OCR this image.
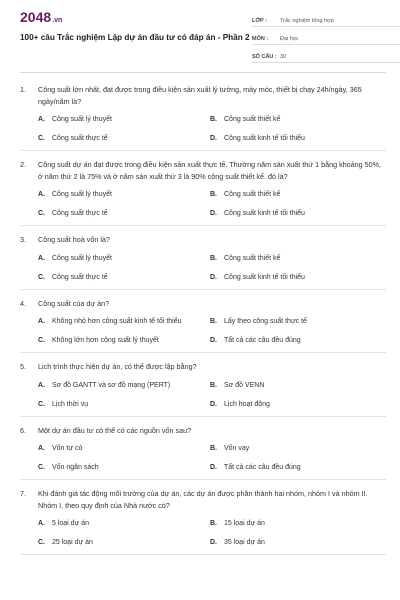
2048.vn
100+ câu Trắc nghiệm Lập dự án đầu tư có đáp án - Phần 2
LỚP :	Trắc nghiệm tổng hợp
MÔN :	Đại học
SỐ CÂU : 30
1.	Công suất lớn nhất, đạt được trong điều kiện sản xuất lý tưởng, máy móc, thiết bị chạy 24h/ngày, 365 ngày/năm là?
A.	Công suất lý thuyết	B.	Công suất thiết kế
C.	Công suất thực tế	D.	Công suất kinh tế tối thiểu
2.	Công suất dự án đạt được trong điều kiện sản xuất thực tế. Thường năm sản xuất thứ 1 bằng khoảng 50%, ở năm thứ 2 là 75% và ở năm sản xuất thứ 3 là 90% công suất thiết kế. đó là?
A.	Công suất lý thuyết	B.	Công suất thiết kế
C.	Công suất thực tế	D.	Công suất kinh tế tối thiểu
3.	Công suất hoà vốn là?
A.	Công suất lý thuyết	B.	Công suất thiết kế
C.	Công suất thực tế	D.	Công suất kinh tế tối thiểu
4.	Công suất của dự án?
A.	Không nhỏ hơn công suất kinh tế tối thiểu	B.	Lấy theo công suất thực tế
C.	Không lớn hơn công suất lý thuyết	D.	Tất cả các câu đều đúng
5.	Lịch trình thực hiện dự án, có thể được lập bằng?
A.	Sơ đồ GANTT và sơ đồ mạng (PERT)	B.	Sơ đồ VENN
C.	Lịch thời vụ	D.	Lịch hoạt động
6.	Một dự án đầu tư có thể có các nguồn vốn sau?
A.	Vốn tự có	B.	Vốn vay
C.	Vốn ngân sách	D.	Tất cả các câu đều đúng
7.	Khi đánh giá tác động môi trường của dự án, các dự án được phân thành hai nhóm, nhóm I và nhóm II. Nhóm I, theo quy định của Nhà nước có?
A.	5 loại dự án	B.	15 loại dự án
C.	25 loại dự án	D.	35 loại dự án
